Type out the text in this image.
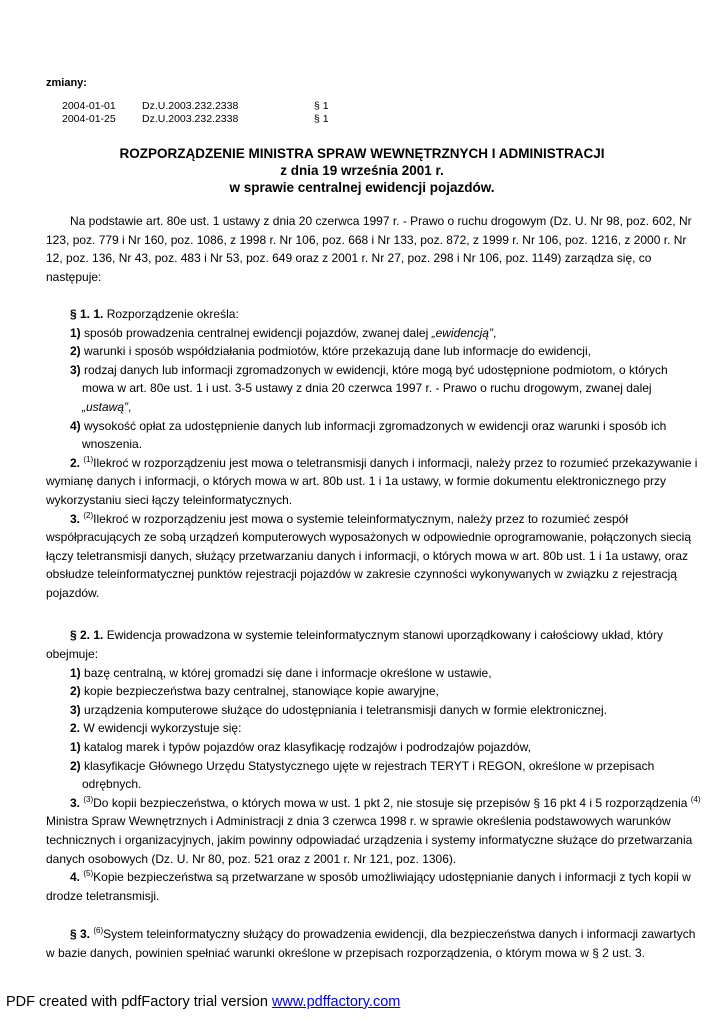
zmiany:
2004-01-01	Dz.U.2003.232.2338	§ 1
2004-01-25	Dz.U.2003.232.2338	§ 1
ROZPORZĄDZENIE MINISTRA SPRAW WEWNĘTRZNYCH I ADMINISTRACJI
z dnia 19 września 2001 r.
w sprawie centralnej ewidencji pojazdów.

Na podstawie art. 80e ust. 1 ustawy z dnia 20 czerwca 1997 r. - Prawo o ruchu drogowym (Dz. U. Nr 98, poz. 602, Nr 123, poz. 779 i Nr 160, poz. 1086, z 1998 r. Nr 106, poz. 668 i Nr 133, poz. 872, z 1999 r. Nr 106, poz. 1216, z 2000 r. Nr 12, poz. 136, Nr 43, poz. 483 i Nr 53, poz. 649 oraz z 2001 r. Nr 27, poz. 298 i Nr 106, poz. 1149) zarządza się, co następuje:

§ 1. 1. Rozporządzenie określa:

1) sposób prowadzenia centralnej ewidencji pojazdów, zwanej dalej „ewidencją”,

2) warunki i sposób współdziałania podmiotów, które przekazują dane lub informacje do ewidencji,

3) rodzaj danych lub informacji zgromadzonych w ewidencji, które mogą być udostępnione podmiotom, o których mowa w art. 80e ust. 1 i ust. 3-5 ustawy z dnia 20 czerwca 1997 r. - Prawo o ruchu drogowym, zwanej dalej „ustawą”,

4) wysokość opłat za udostępnienie danych lub informacji zgromadzonych w ewidencji oraz warunki i sposób ich wnoszenia.

2. $^{(1)}$Ilekroć w rozporządzeniu jest mowa o teletransmisji danych i informacji, należy przez to rozumieć przekazywanie i wymianę danych i informacji, o których mowa w art. 80b ust. 1 i 1a ustawy, w formie dokumentu elektronicznego przy wykorzystaniu sieci łączy teleinformatycznych.

3. $^{(2)}$Ilekroć w rozporządzeniu jest mowa o systemie teleinformatycznym, należy przez to rozumieć zespół współpracujących ze sobą urządzeń komputerowych wyposażonych w odpowiednie oprogramowanie, połączonych siecią łączy teletransmisji danych, służący przetwarzaniu danych i informacji, o których mowa w art. 80b ust. 1 i 1a ustawy, oraz obsłudze teleinformatycznej punktów rejestracji pojazdów w zakresie czynności wykonywanych w związku z rejestracją pojazdów.

§ 2. 1. Ewidencja prowadzona w systemie teleinformatycznym stanowi uporządkowany i całościowy układ, który obejmuje:

1) bazę centralną, w której gromadzi się dane i informacje określone w ustawie,

2) kopie bezpieczeństwa bazy centralnej, stanowiące kopie awaryjne,

3) urządzenia komputerowe służące do udostępniania i teletransmisji danych w formie elektronicznej.

2. W ewidencji wykorzystuje się:

1) katalog marek i typów pojazdów oraz klasyfikację rodzajów i podrodzajów pojazdów,

2) klasyfikacje Głównego Urzędu Statystycznego ujęte w rejestrach TERYT i REGON, określone w przepisach odrębnych.

3. $^{(3)}$Do kopii bezpieczeństwa, o których mowa w ust. 1 pkt 2, nie stosuje się przepisów § 16 pkt 4 i 5 rozporządzenia $^{(4)}$ Ministra Spraw Wewnętrznych i Administracji z dnia 3 czerwca 1998 r. w sprawie określenia podstawowych warunków technicznych i organizacyjnych, jakim powinny odpowiadać urządzenia i systemy informatyczne służące do przetwarzania danych osobowych (Dz. U. Nr 80, poz. 521 oraz z 2001 r. Nr 121, poz. 1306).

4. $^{(5)}$Kopie bezpieczeństwa są przetwarzane w sposób umożliwiający udostępnianie danych i informacji z tych kopii w drodze teletransmisji.

§ 3. $^{(6)}$System teleinformatyczny służący do prowadzenia ewidencji, dla bezpieczeństwa danych i informacji zawartych w bazie danych, powinien spełniać warunki określone w przepisach rozporządzenia, o którym mowa w § 2 ust. 3.

PDF created with pdfFactory trial version www.pdffactory.com
